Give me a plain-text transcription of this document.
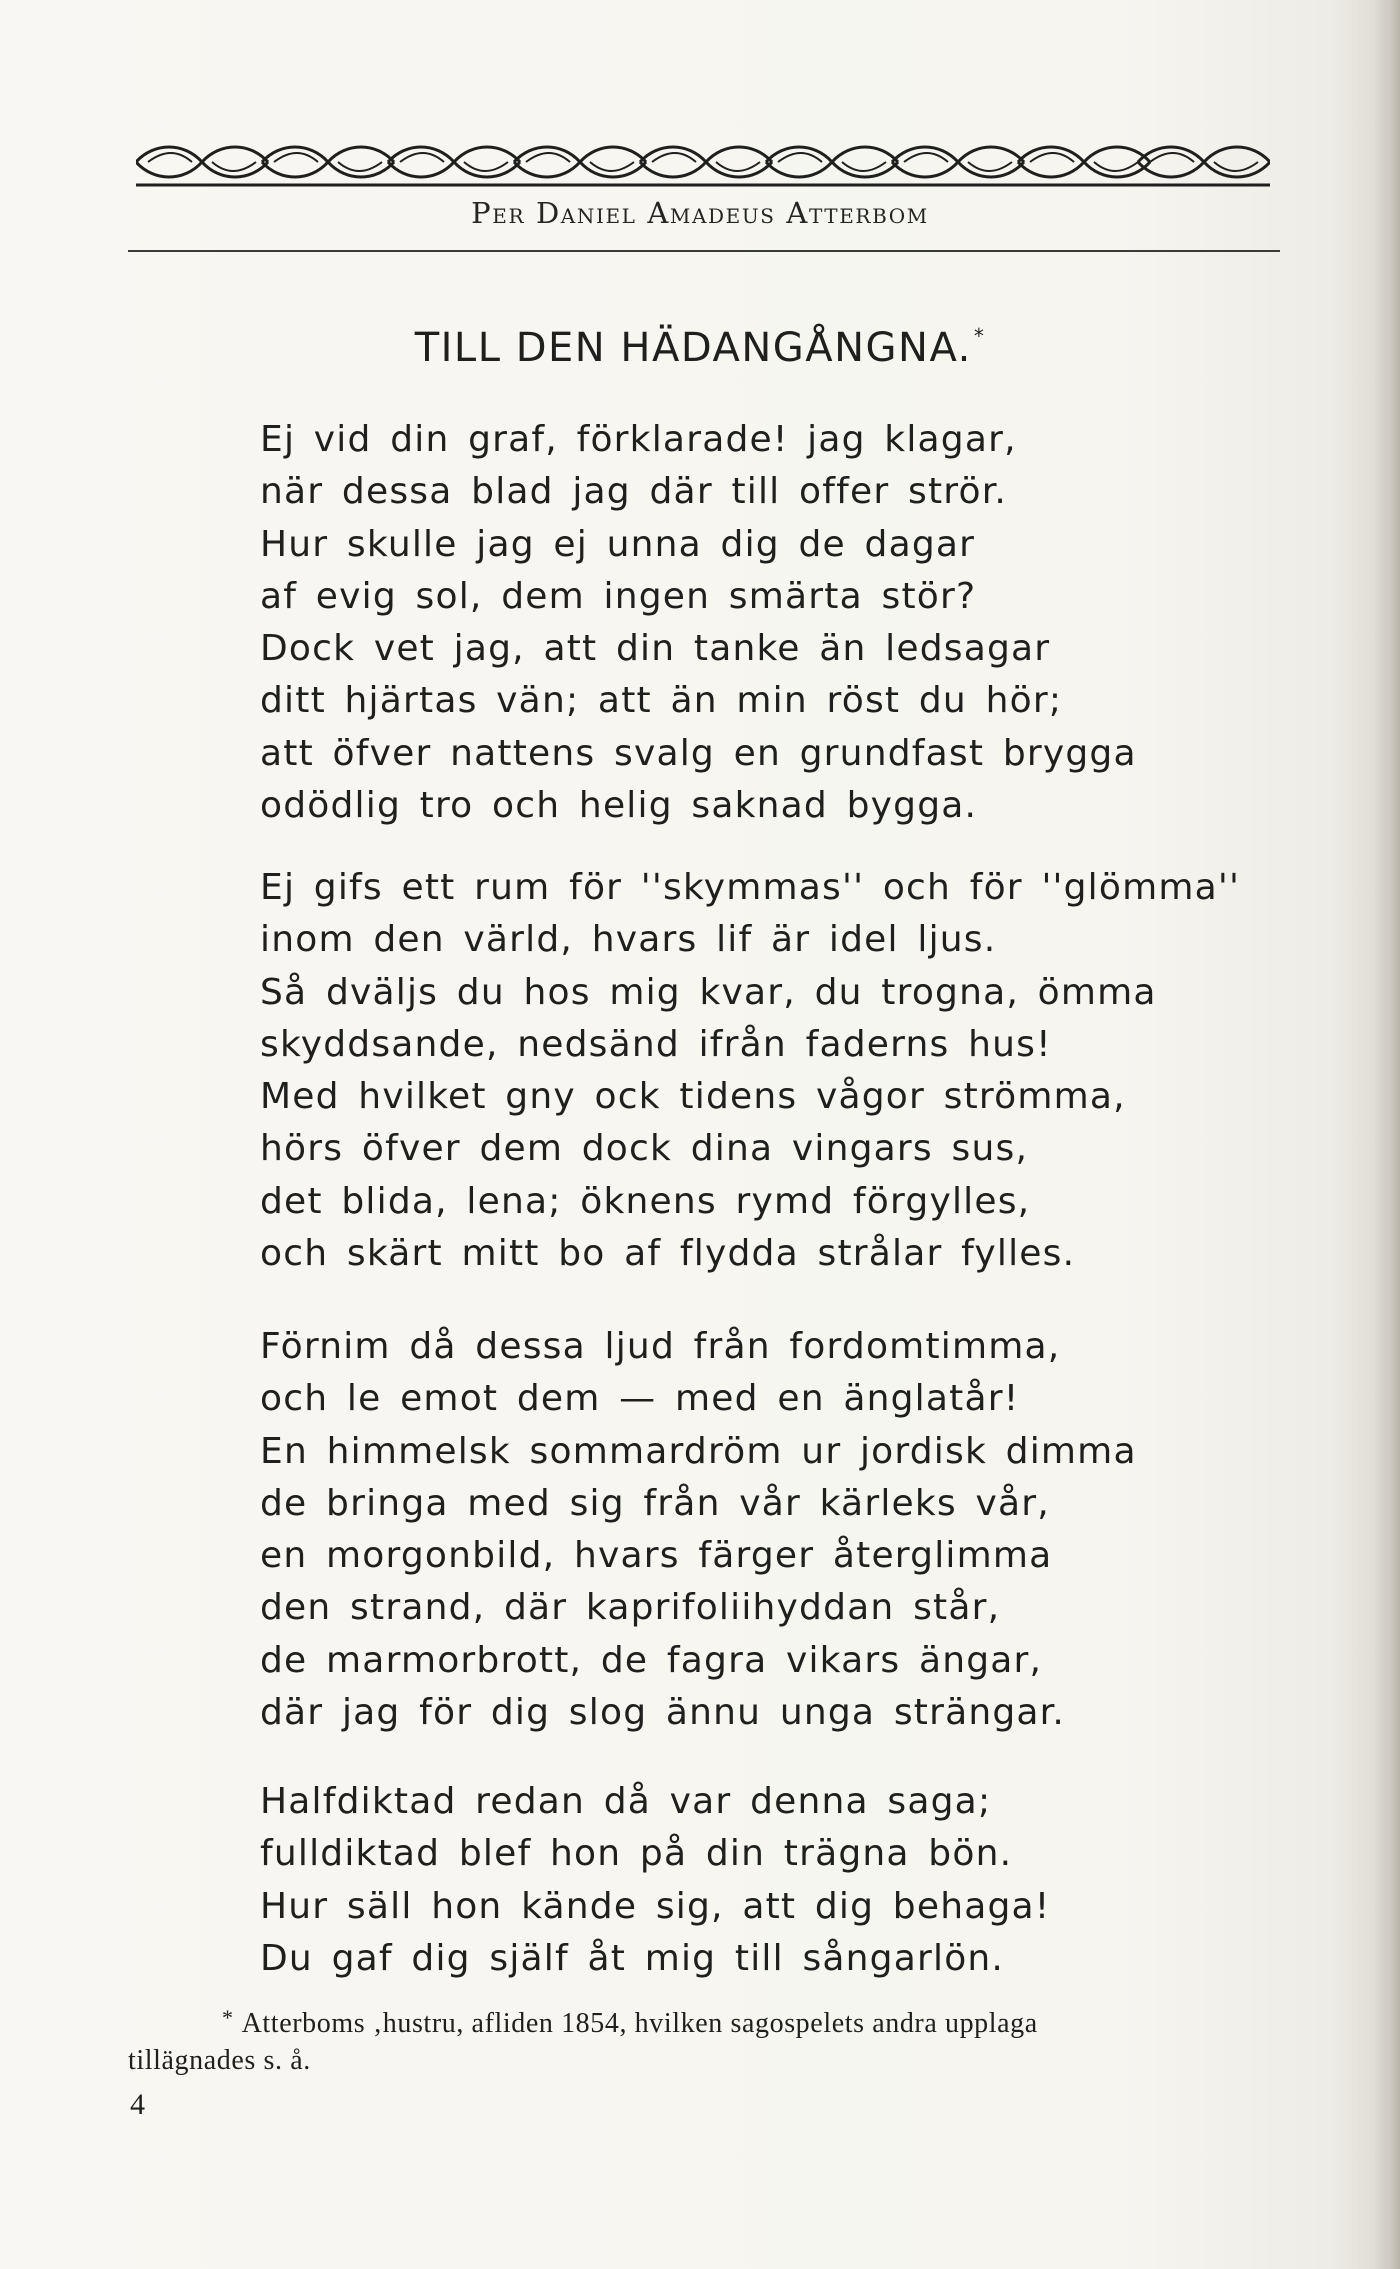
Per Daniel Amadeus Atterbom
TILL DEN HÄDANGÅNGNA. *
Ej vid din graf, förklarade! jag klagar,
när dessa blad jag där till offer strör.
Hur skulle jag ej unna dig de dagar
af evig sol, dem ingen smärta stör?
Dock vet jag, att din tanke än ledsagar
ditt hjärtas vän; att än min röst du hör;
att öfver nattens svalg en grundfast brygga
odödlig tro och helig saknad bygga.
Ej gifs ett rum för ''skymmas'' och för ''glömma''
inom den värld, hvars lif är idel ljus.
Så dväljs du hos mig kvar, du trogna, ömma
skyddsande, nedsänd ifrån faderns hus!
Med hvilket gny ock tidens vågor strömma,
hörs öfver dem dock dina vingars sus,
det blida, lena; öknens rymd förgylles,
och skärt mitt bo af flydda strålar fylles.
Förnim då dessa ljud från fordomtimma,
och le emot dem — med en änglatår!
En himmelsk sommardröm ur jordisk dimma
de bringa med sig från vår kärleks vår,
en morgonbild, hvars färger återglimma
den strand, där kaprifoliihyddan står,
de marmorbrott, de fagra vikars ängar,
där jag för dig slog ännu unga strängar.
Halfdiktad redan då var denna saga;
fulldiktad blef hon på din trägna bön.
Hur säll hon kände sig, att dig behaga!
Du gaf dig själf åt mig till sångarlön.
* Atterboms ‚hustru, afliden 1854, hvilken sagospelets andra upplaga
tillägnades s. å.
4
